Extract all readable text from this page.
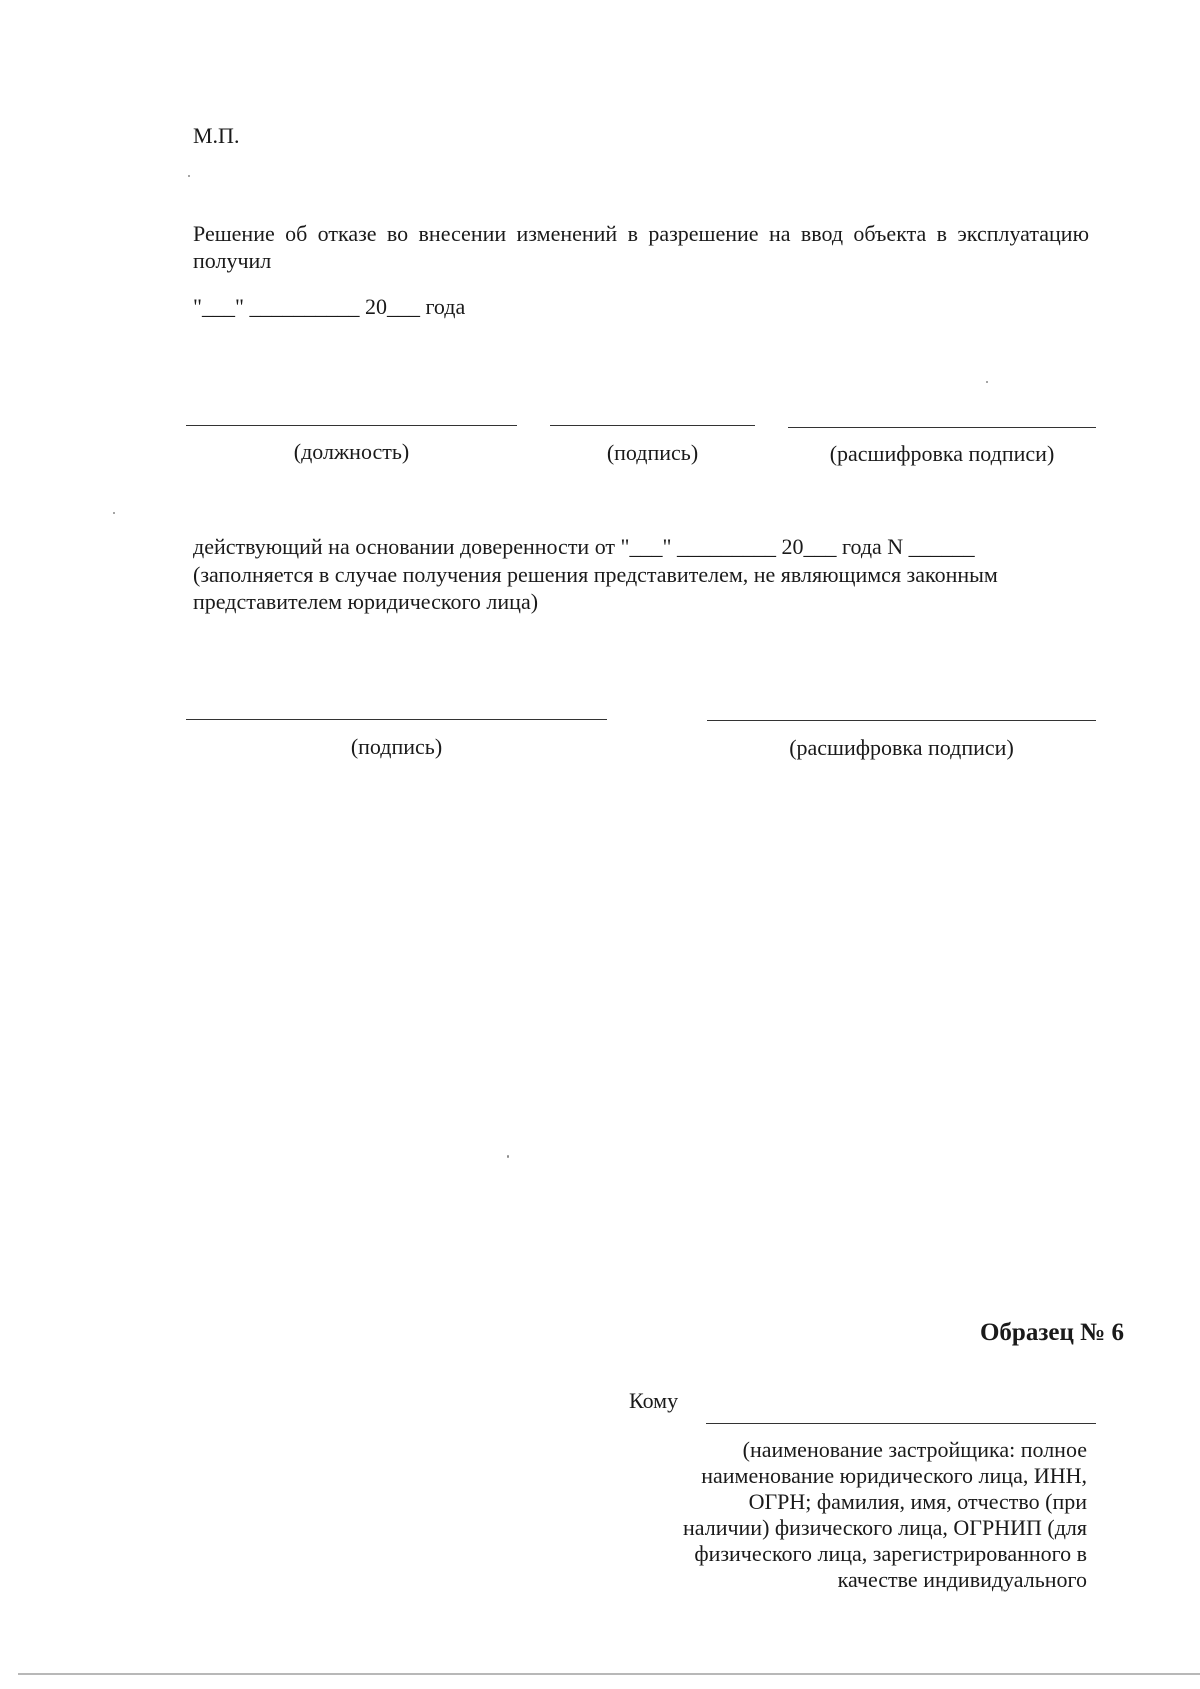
М.П.
Решение об отказе во внесении изменений в разрешение на ввод объекта в эксплуатацию получил
"___" __________ 20___ года
(должность)	(подпись)	(расшифровка подписи)
действующий на основании доверенности от "___" _________ 20___ года N ______
(заполняется в случае получения решения представителем, не являющимся законным
представителем юридического лица)
(подпись)	(расшифровка подписи)
Образец № 6
Кому
(наименование застройщика: полное
наименование юридического лица, ИНН,
ОГРН; фамилия, имя, отчество (при
наличии) физического лица, ОГРНИП (для
физического лица, зарегистрированного в
качестве индивидуального
